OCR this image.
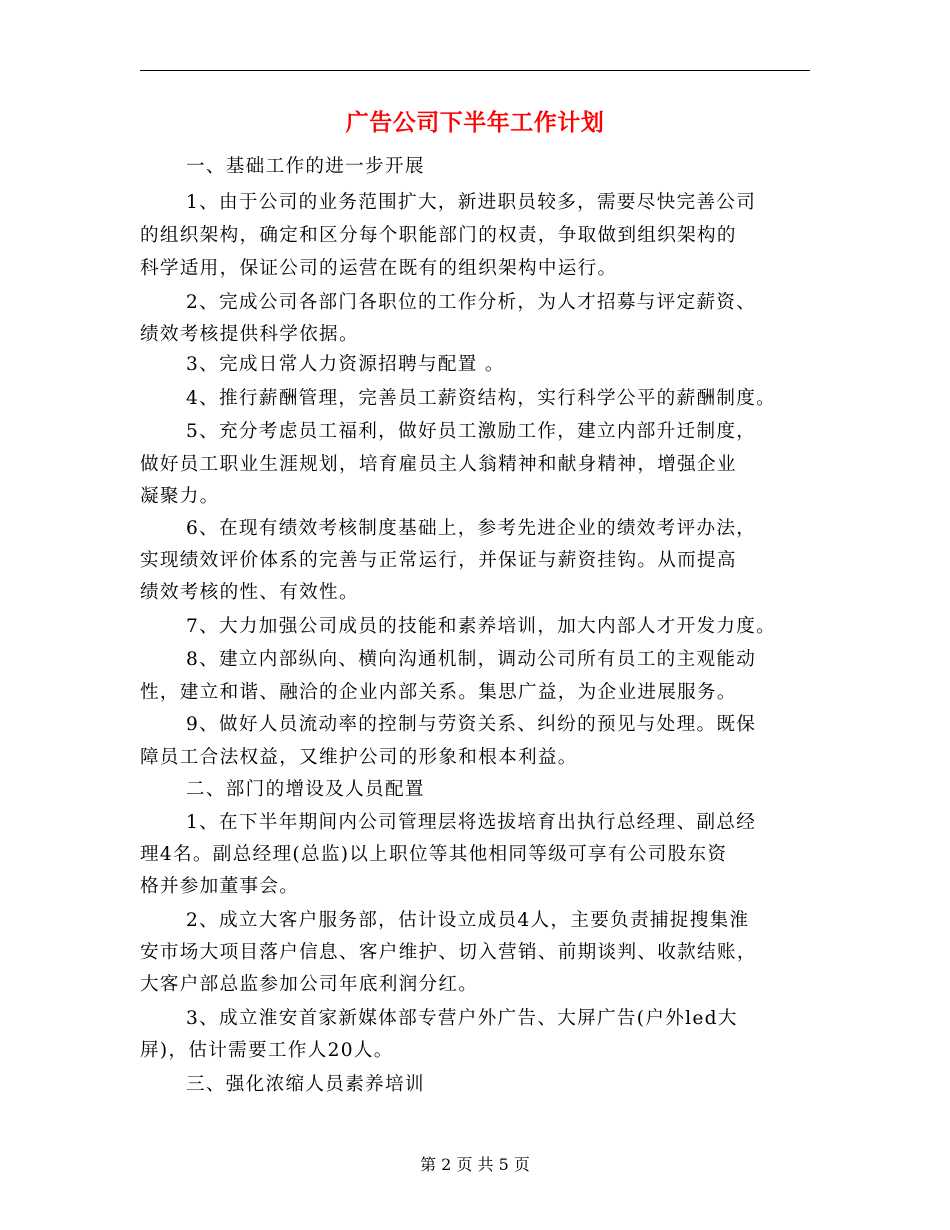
广告公司下半年工作计划
一、基础工作的进一步开展
1、由于公司的业务范围扩大，新进职员较多，需要尽快完善公司
的组织架构，确定和区分每个职能部门的权责，争取做到组织架构的
科学适用，保证公司的运营在既有的组织架构中运行。
2、完成公司各部门各职位的工作分析，为人才招募与评定薪资、
绩效考核提供科学依据。
3、完成日常人力资源招聘与配置 。
4、推行薪酬管理，完善员工薪资结构，实行科学公平的薪酬制度。
5、充分考虑员工福利，做好员工激励工作，建立内部升迁制度，
做好员工职业生涯规划，培育雇员主人翁精神和献身精神，增强企业
凝聚力。
6、在现有绩效考核制度基础上，参考先进企业的绩效考评办法，
实现绩效评价体系的完善与正常运行，并保证与薪资挂钩。从而提高
绩效考核的性、有效性。
7、大力加强公司成员的技能和素养培训，加大内部人才开发力度。
8、建立内部纵向、横向沟通机制，调动公司所有员工的主观能动
性，建立和谐、融洽的企业内部关系。集思广益，为企业进展服务。
9、做好人员流动率的控制与劳资关系、纠纷的预见与处理。既保
障员工合法权益，又维护公司的形象和根本利益。
二、部门的增设及人员配置
1、在下半年期间内公司管理层将选拔培育出执行总经理、副总经
理4名。副总经理(总监)以上职位等其他相同等级可享有公司股东资
格并参加董事会。
2、成立大客户服务部，估计设立成员4人，主要负责捕捉搜集淮
安市场大项目落户信息、客户维护、切入营销、前期谈判、收款结账，
大客户部总监参加公司年底利润分红。
3、成立淮安首家新媒体部专营户外广告、大屏广告(户外led大
屏)，估计需要工作人20人。
三、强化浓缩人员素养培训
第 2 页 共 5 页
